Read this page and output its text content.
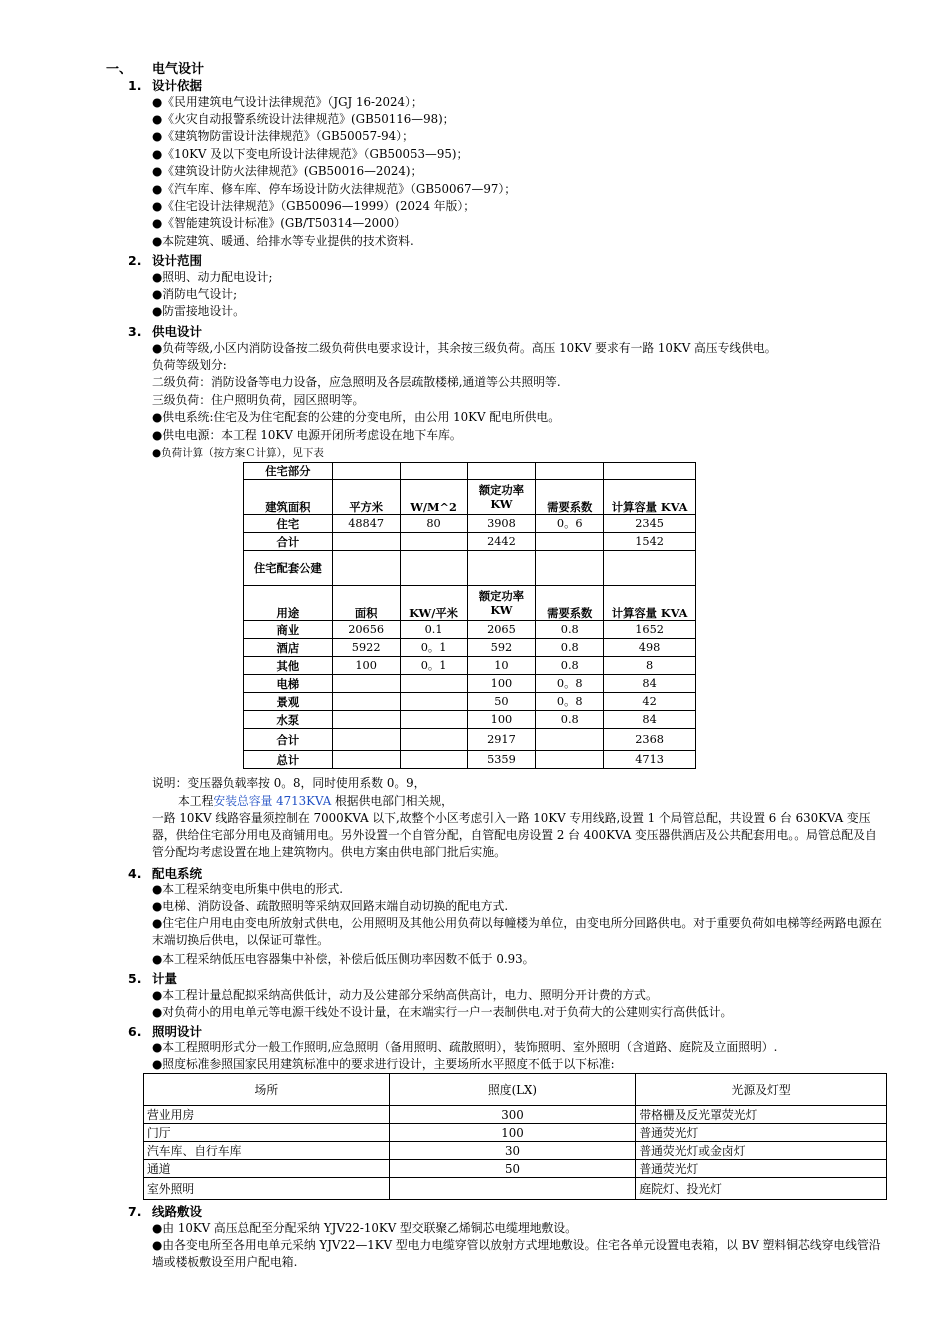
一、 电气设计
1. 设计依据
●《民用建筑电气设计法律规范》（JGJ 16-2024）；
●《火灾自动报警系统设计法律规范》(GB50116—98)；
●《建筑物防雷设计法律规范》（GB50057-94）；
●《10KV 及以下变电所设计法律规范》（GB50053—95)；
●《建筑设计防火法律规范》(GB50016—2024)；
●《汽车库、修车库、停车场设计防火法律规范》（GB50067—97）；
●《住宅设计法律规范》（GB50096—1999）(2024 年版）；
●《智能建筑设计标准》(GB/T50314—2000）
●本院建筑、暖通、给排水等专业提供的技术资料.
2. 设计范围
●照明、动力配电设计;
●消防电气设计;
●防雷接地设计。
3. 供电设计
●负荷等级,小区内消防设备按二级负荷供电要求设计，其余按三级负荷。高压 10KV 要求有一路 10KV 高压专线供电。
负荷等级划分:
二级负荷：消防设备等电力设备，应急照明及各层疏散楼梯,通道等公共照明等.
三级负荷：住户照明负荷，园区照明等。
●供电系统:住宅及为住宅配套的公建的分变电所，由公用 10KV 配电所供电。
●供电电源：本工程 10KV 电源开闭所考虑设在地下车库。
●负荷计算（按方案Ｃ计算），见下表
住宅部分					
建筑面积	平方米	W/M^2	额定功率 KW	需要系数	计算容量 KVA
住宅	48847	80	3908	0。6	2345
合计			2442		1542
住宅配套公建					
用途	面积	KW/平米	额定功率 KW	需要系数	计算容量 KVA
商业	20656	0.1	2065	0.8	1652
酒店	5922	0。1	592	0.8	498
其他	100	0。1	10	0.8	8
电梯			100	0。8	84
景观			50	0。8	42
水泵			100	0.8	84
合计			2917		2368
总计			5359		4713
说明：变压器负载率按 0。8，同时使用系数 0。9，
本工程安装总容量 4713KVA 根据供电部门相关规，
一路 10KV 线路容量须控制在 7000KVA 以下,故整个小区考虑引入一路 10KV 专用线路,设置 1 个局管总配，共设置 6 台 630KVA 变压器，供给住宅部分用电及商铺用电。另外设置一个自管分配，自管配电房设置 2 台 400KVA 变压器供酒店及公共配套用电。。局管总配及自管分配均考虑设置在地上建筑物内。供电方案由供电部门批后实施。
4. 配电系统
●本工程采纳变电所集中供电的形式.
●电梯、消防设备、疏散照明等采纳双回路末端自动切换的配电方式.
●住宅住户用电由变电所放射式供电，公用照明及其他公用负荷以每幢楼为单位，由变电所分回路供电。对于重要负荷如电梯等经两路电源在末端切换后供电，以保证可靠性。
●本工程采纳低压电容器集中补偿，补偿后低压侧功率因数不低于 0.93。
5. 计量
●本工程计量总配拟采纳高供低计，动力及公建部分采纳高供高计，电力、照明分开计费的方式。
●对负荷小的用电单元等电源干线处不设计量，在末端实行一户一表制供电.对于负荷大的公建则实行高供低计。
6. 照明设计
●本工程照明形式分一般工作照明,应急照明（备用照明、疏散照明），装饰照明、室外照明（含道路、庭院及立面照明）.
●照度标准参照国家民用建筑标准中的要求进行设计，主要场所水平照度不低于以下标准:
场所	照度(LX)	光源及灯型
营业用房	300	带格栅及反光罩荧光灯
门厅	100	普通荧光灯
汽车库、自行车库	30	普通荧光灯或金卤灯
通道	50	普通荧光灯
室外照明		庭院灯、投光灯
7. 线路敷设
●由 10KV 高压总配至分配采纳 YJV22-10KV 型交联聚乙烯铜芯电缆埋地敷设。
●由各变电所至各用电单元采纳 YJV22—1KV 型电力电缆穿管以放射方式埋地敷设。住宅各单元设置电表箱，以 BV 塑料铜芯线穿电线管沿墙或楼板敷设至用户配电箱.
